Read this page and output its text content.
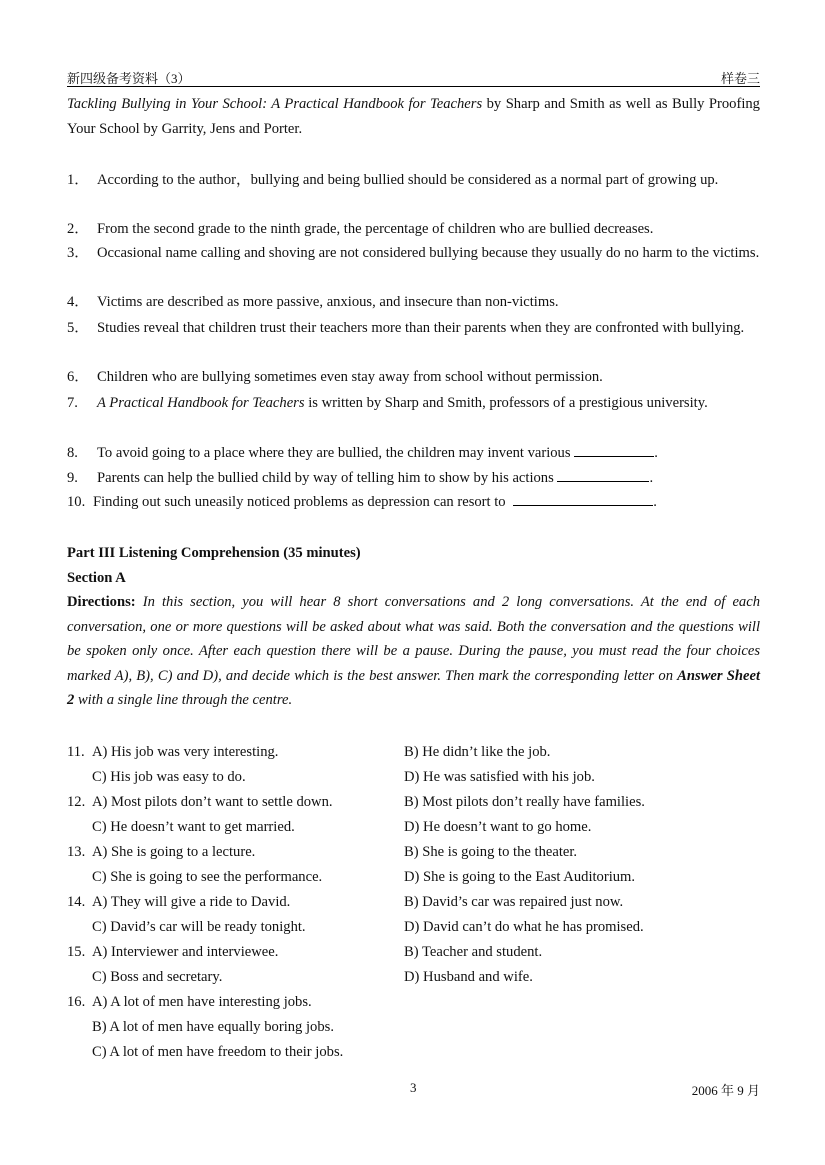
新四级备考资料（3）	样卷三
Tackling Bullying in Your School: A Practical Handbook for Teachers by Sharp and Smith as well as Bully Proofing Your School by Garrity, Jens and Porter.
1． According to the author，bullying and being bullied should be considered as a normal part of growing up.
2． From the second grade to the ninth grade, the percentage of children who are bullied decreases.
3． Occasional name calling and shoving are not considered bullying because they usually do no harm to the victims.
4． Victims are described as more passive, anxious, and insecure than non-victims.
5． Studies reveal that children trust their teachers more than their parents when they are confronted with bullying.
6． Children who are bullying sometimes even stay away from school without permission.
7. A Practical Handbook for Teachers is written by Sharp and Smith, professors of a prestigious university.
8. To avoid going to a place where they are bullied, the children may invent various	.
9. Parents can help the bullied child by way of telling him to show by his actions	.
10. Finding out such uneasily noticed problems as depression can resort to	.
Part III Listening Comprehension (35 minutes)
Section A
Directions: In this section, you will hear 8 short conversations and 2 long conversations. At the end of each conversation, one or more questions will be asked about what was said. Both the conversation and the questions will be spoken only once. After each question there will be a pause. During the pause, you must read the four choices marked A), B), C) and D), and decide which is the best answer. Then mark the corresponding letter on Answer Sheet 2 with a single line through the centre.
11. A) His job was very interesting.	B) He didn’t like the job.
C) His job was easy to do.	D) He was satisfied with his job.
12. A) Most pilots don’t want to settle down.	B) Most pilots don’t really have families.
C) He doesn’t want to get married.	D) He doesn’t want to go home.
13. A) She is going to a lecture.	B) She is going to the theater.
C) She is going to see the performance.	D) She is going to the East Auditorium.
14. A) They will give a ride to David.	B) David’s car was repaired just now.
C) David’s car will be ready tonight.	D) David can’t do what he has promised.
15. A) Interviewer and interviewee.	B) Teacher and student.
C) Boss and secretary.	D) Husband and wife.
16. A) A lot of men have interesting jobs.
B) A lot of men have equally boring jobs.
C) A lot of men have freedom to their jobs.
3	2006 年 9 月
